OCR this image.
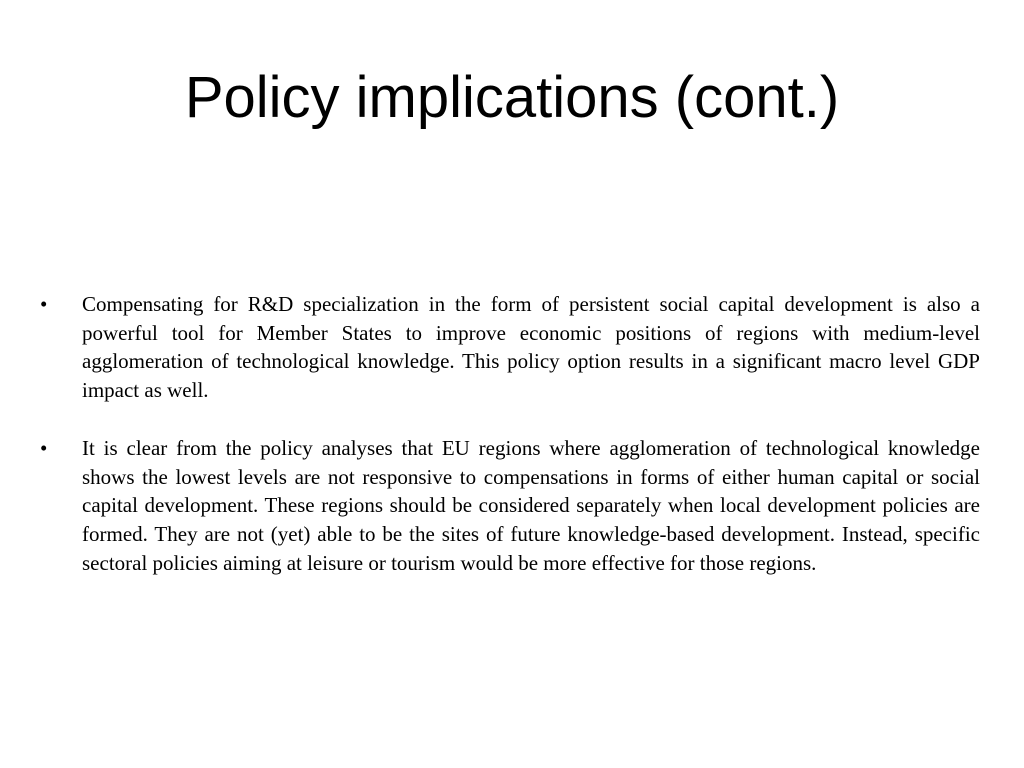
Policy implications (cont.)
•	Compensating for R&D specialization in the form of persistent social capital development is also a powerful tool for Member States to improve economic positions of regions with medium-level agglomeration of technological knowledge. This policy option results in a significant macro level GDP impact as well.
•	It is clear from the policy analyses that EU regions where agglomeration of technological knowledge shows the lowest levels are not responsive to compensations in forms of either human capital or social capital development. These regions should be considered separately when local development policies are formed. They are not (yet) able to be the sites of future knowledge-based development. Instead, specific sectoral policies aiming at leisure or tourism would be more effective for those regions.
